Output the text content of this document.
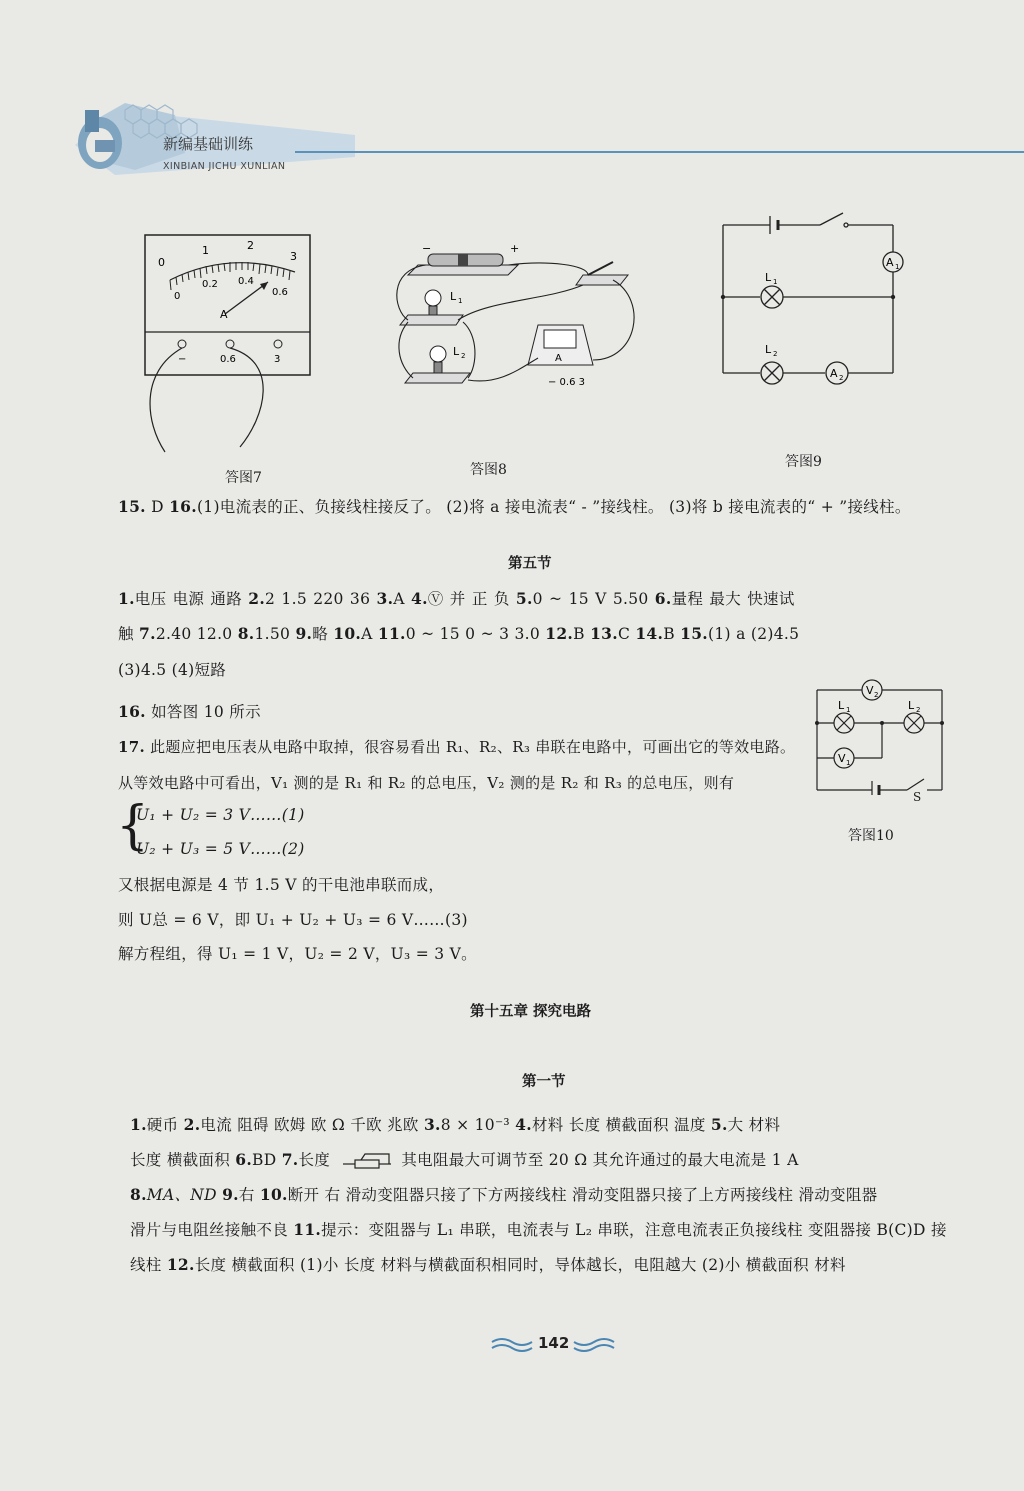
新编基础训练
XINBIAN JICHU XUNLIAN
0
1	2
3
0
0.2 0.4
0.6
A
−	0.6	3
答图7
−	+
L 1
L 2	A
− 0.6 3
答图8
A 1
A 2
L 1
L 2
答图9
15. D 16.(1)电流表的正、负接线柱接反了。 (2)将 a 接电流表“ - ”接线柱。 (3)将 b 接电流表的“ + ”接线柱。
第五节
1.电压 电源 通路 2.2 1.5 220 36 3.A 4.Ⓥ 并 正 负 5.0 ~ 15 V 5.50 6.量程 最大 快速试
触 7.2.40 12.0 8.1.50 9.略 10.A 11.0 ~ 15 0 ~ 3 3.0 12.B 13.C 14.B 15.(1) a (2)4.5
(3)4.5 (4)短路
16. 如答图 10 所示
17. 此题应把电压表从电路中取掉，很容易看出 R₁、R₂、R₃ 串联在电路中，可画出它的等效电路。
从等效电路中可看出，V₁ 测的是 R₁ 和 R₂ 的总电压，V₂ 测的是 R₂ 和 R₃ 的总电压，则有
{
U₁ + U₂ = 3 V……(1)
U₂ + U₃ = 5 V……(2)
又根据电源是 4 节 1.5 V 的干电池串联而成，
则 U总 = 6 V，即 U₁ + U₂ + U₃ = 6 V……(3)
解方程组，得 U₁ = 1 V，U₂ = 2 V，U₃ = 3 V。
V 2
V 1
L 1	L 2
S
答图10
第十五章 探究电路
第一节
1.硬币 2.电流 阻碍 欧姆 欧 Ω 千欧 兆欧 3.8 × 10⁻³ 4.材料 长度 横截面积 温度 5.大 材料
长度 横截面积 6.BD 7.长度	其电阻最大可调节至 20 Ω 其允许通过的最大电流是 1 A
8.MA、ND 9.右 10.断开 右 滑动变阻器只接了下方两接线柱 滑动变阻器只接了上方两接线柱 滑动变阻器
滑片与电阻丝接触不良 11.提示：变阻器与 L₁ 串联，电流表与 L₂ 串联，注意电流表正负接线柱 变阻器接 B(C)D 接
线柱 12.长度 横截面积 (1)小 长度 材料与横截面积相同时，导体越长，电阻越大 (2)小 横截面积 材料
142
